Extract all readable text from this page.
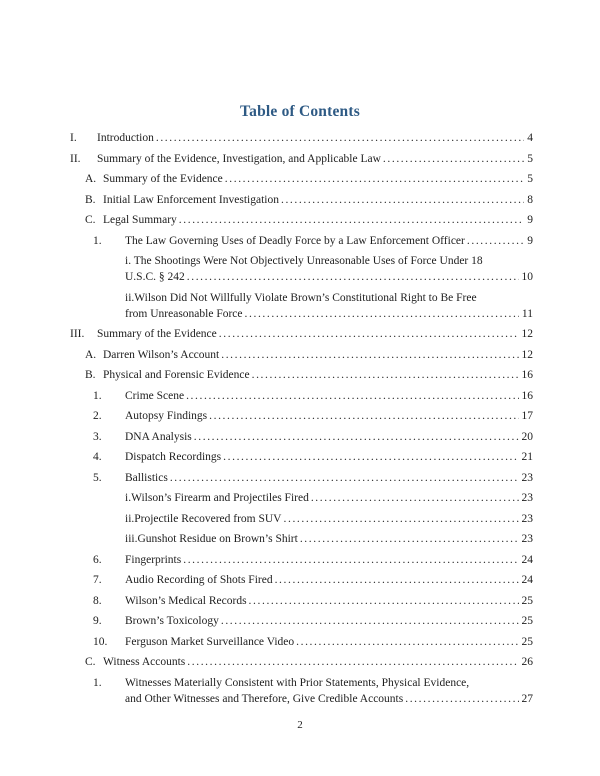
Table of Contents
I. Introduction .....	4
II. Summary of the Evidence, Investigation, and Applicable Law .....	5
A. Summary of the Evidence .....	5
B. Initial Law Enforcement Investigation .....	8
C. Legal Summary .....	9
1. The Law Governing Uses of Deadly Force by a Law Enforcement Officer .....	9
i. The Shootings Were Not Objectively Unreasonable Uses of Force Under 18
U.S.C. § 242 .....	10
ii.Wilson Did Not Willfully Violate Brown’s Constitutional Right to Be Free
from Unreasonable Force .....	11
III. Summary of the Evidence .....	12
A. Darren Wilson’s Account .....	12
B. Physical and Forensic Evidence .....	16
1. Crime Scene .....	16
2. Autopsy Findings .....	17
3. DNA Analysis .....	20
4. Dispatch Recordings .....	21
5. Ballistics .....	23
i.Wilson’s Firearm and Projectiles Fired .....	23
ii.Projectile Recovered from SUV .....	23
iii.Gunshot Residue on Brown’s Shirt .....	23
6. Fingerprints .....	24
7. Audio Recording of Shots Fired .....	24
8. Wilson’s Medical Records .....	25
9. Brown’s Toxicology .....	25
10. Ferguson Market Surveillance Video .....	25
C. Witness Accounts .....	26
1. Witnesses Materially Consistent with Prior Statements, Physical Evidence,
and Other Witnesses and Therefore, Give Credible Accounts .....	27
2
